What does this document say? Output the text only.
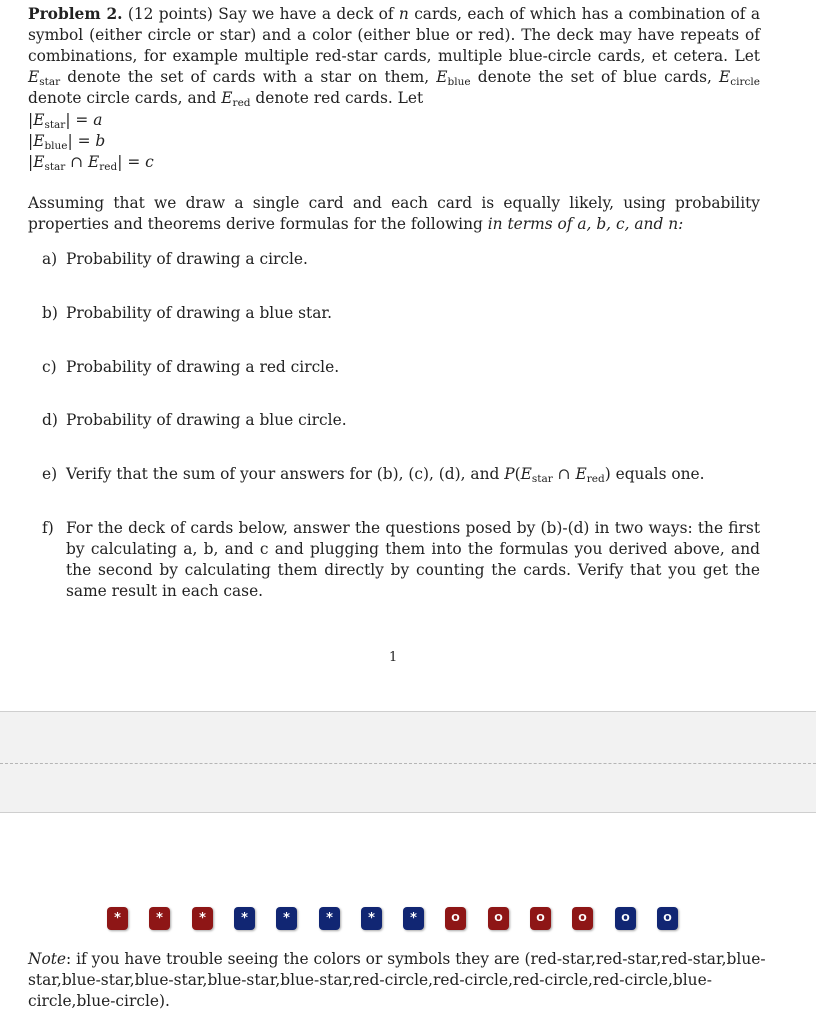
Problem 2. (12 points) Say we have a deck of n cards, each of which has a combination of a symbol (either circle or star) and a color (either blue or red). The deck may have repeats of combinations, for example multiple red-star cards, multiple blue-circle cards, et cetera. Let $E_{star}$ denote the set of cards with a star on them, $E_{blue}$ denote the set of blue cards, $E_{circle}$ denote circle cards, and $E_{red}$ denote red cards. Let

$|E_{star}| = a$
$|E_{blue}| = b$
$|E_{star}$ ∩ $E_{red}| = c$

Assuming that we draw a single card and each card is equally likely, using probability properties and theorems derive formulas for the following in terms of a, b, c, and n:

a) Probability of drawing a circle.
b) Probability of drawing a blue star.
c) Probability of drawing a red circle.
d) Probability of drawing a blue circle.
e) Verify that the sum of your answers for (b), (c), (d), and $P(E_{star}$ ∩ $E_{red}$) equals one.
f) For the deck of cards below, answer the questions posed by (b)-(d) in two ways: the first by calculating a, b, and c and plugging them into the formulas you derived above, and the second by calculating them directly by counting the cards. Verify that you get the same result in each case.
1
*	*	*	*	*	*	*	*	O	O	O	O	O	O
Note: if you have trouble seeing the colors or symbols they are (red-star,red-star,red-star,blue-star,blue-star,blue-star,blue-star,blue-star,red-circle,red-circle,red-circle,red-circle,blue-circle,blue-circle).
